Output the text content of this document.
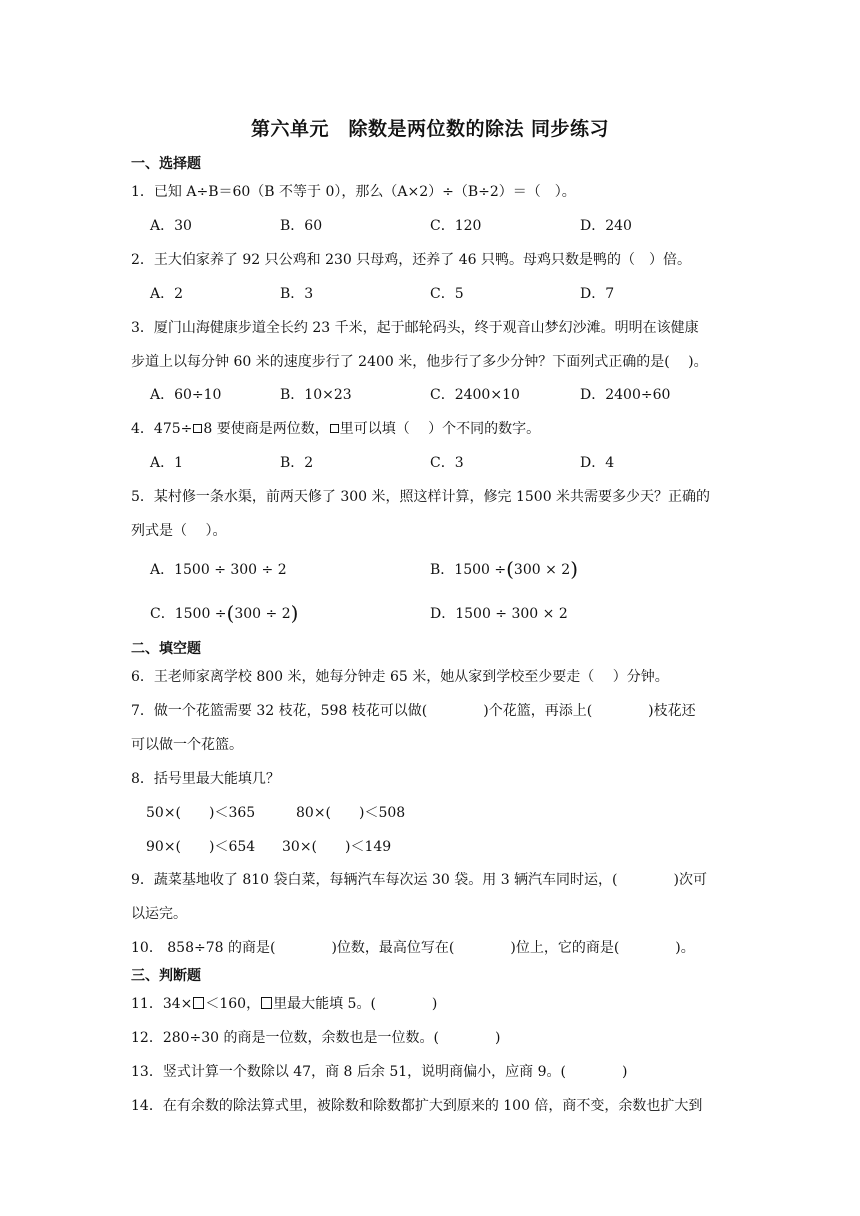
第六单元　除数是两位数的除法 同步练习
一、选择题
1．已知 A÷B＝60（B 不等于 0），那么（A×2）÷（B÷2）＝（　）。
A．30	B．60	C．120	D．240
2．王大伯家养了 92 只公鸡和 230 只母鸡，还养了 46 只鸭。母鸡只数是鸭的（　）倍。
A．2	B．3	C．5	D．7
3．厦门山海健康步道全长约 23 千米，起于邮轮码头，终于观音山梦幻沙滩。明明在该健康
步道上以每分钟 60 米的速度步行了 2400 米，他步行了多少分钟？下面列式正确的是(　 )。
A．60÷10	B．10×23	C．2400×10	D．2400÷60
4．475÷ 8 要使商是两位数， 里可以填（　 ）个不同的数字。
A．1	B．2	C．3	D．4
5．某村修一条水渠，前两天修了 300 米，照这样计算，修完 1500 米共需要多少天？正确的
列式是（　 ）。
A．1500 ÷ 300 ÷ 2	B．1500 ÷(300 × 2)
C．1500 ÷(300 ÷ 2)	D．1500 ÷ 300 × 2
二、填空题
6．王老师家离学校 800 米，她每分钟走 65 米，她从家到学校至少要走（　 ）分钟。
7．做一个花篮需要 32 枝花，598 枝花可以做(　　　　)个花篮，再添上(　　　　)枝花还
可以做一个花篮。
8．括号里最大能填几？
50×(　　)＜365	80×(　　)＜508
90×(　　)＜654 30×(　　)＜149
9．蔬菜基地收了 810 袋白菜，每辆汽车每次运 30 袋。用 3 辆汽车同时运，(　　　　)次可
以运完。
10． 858÷78 的商是(　　　　)位数，最高位写在(　　　　)位上，它的商是(　　　　)。
三、判断题
11．34× ＜160， 里最大能填 5。(　　　　)
12．280÷30 的商是一位数，余数也是一位数。(　　　　)
13．竖式计算一个数除以 47，商 8 后余 51，说明商偏小，应商 9。(　　　　)
14．在有余数的除法算式里，被除数和除数都扩大到原来的 100 倍，商不变，余数也扩大到
